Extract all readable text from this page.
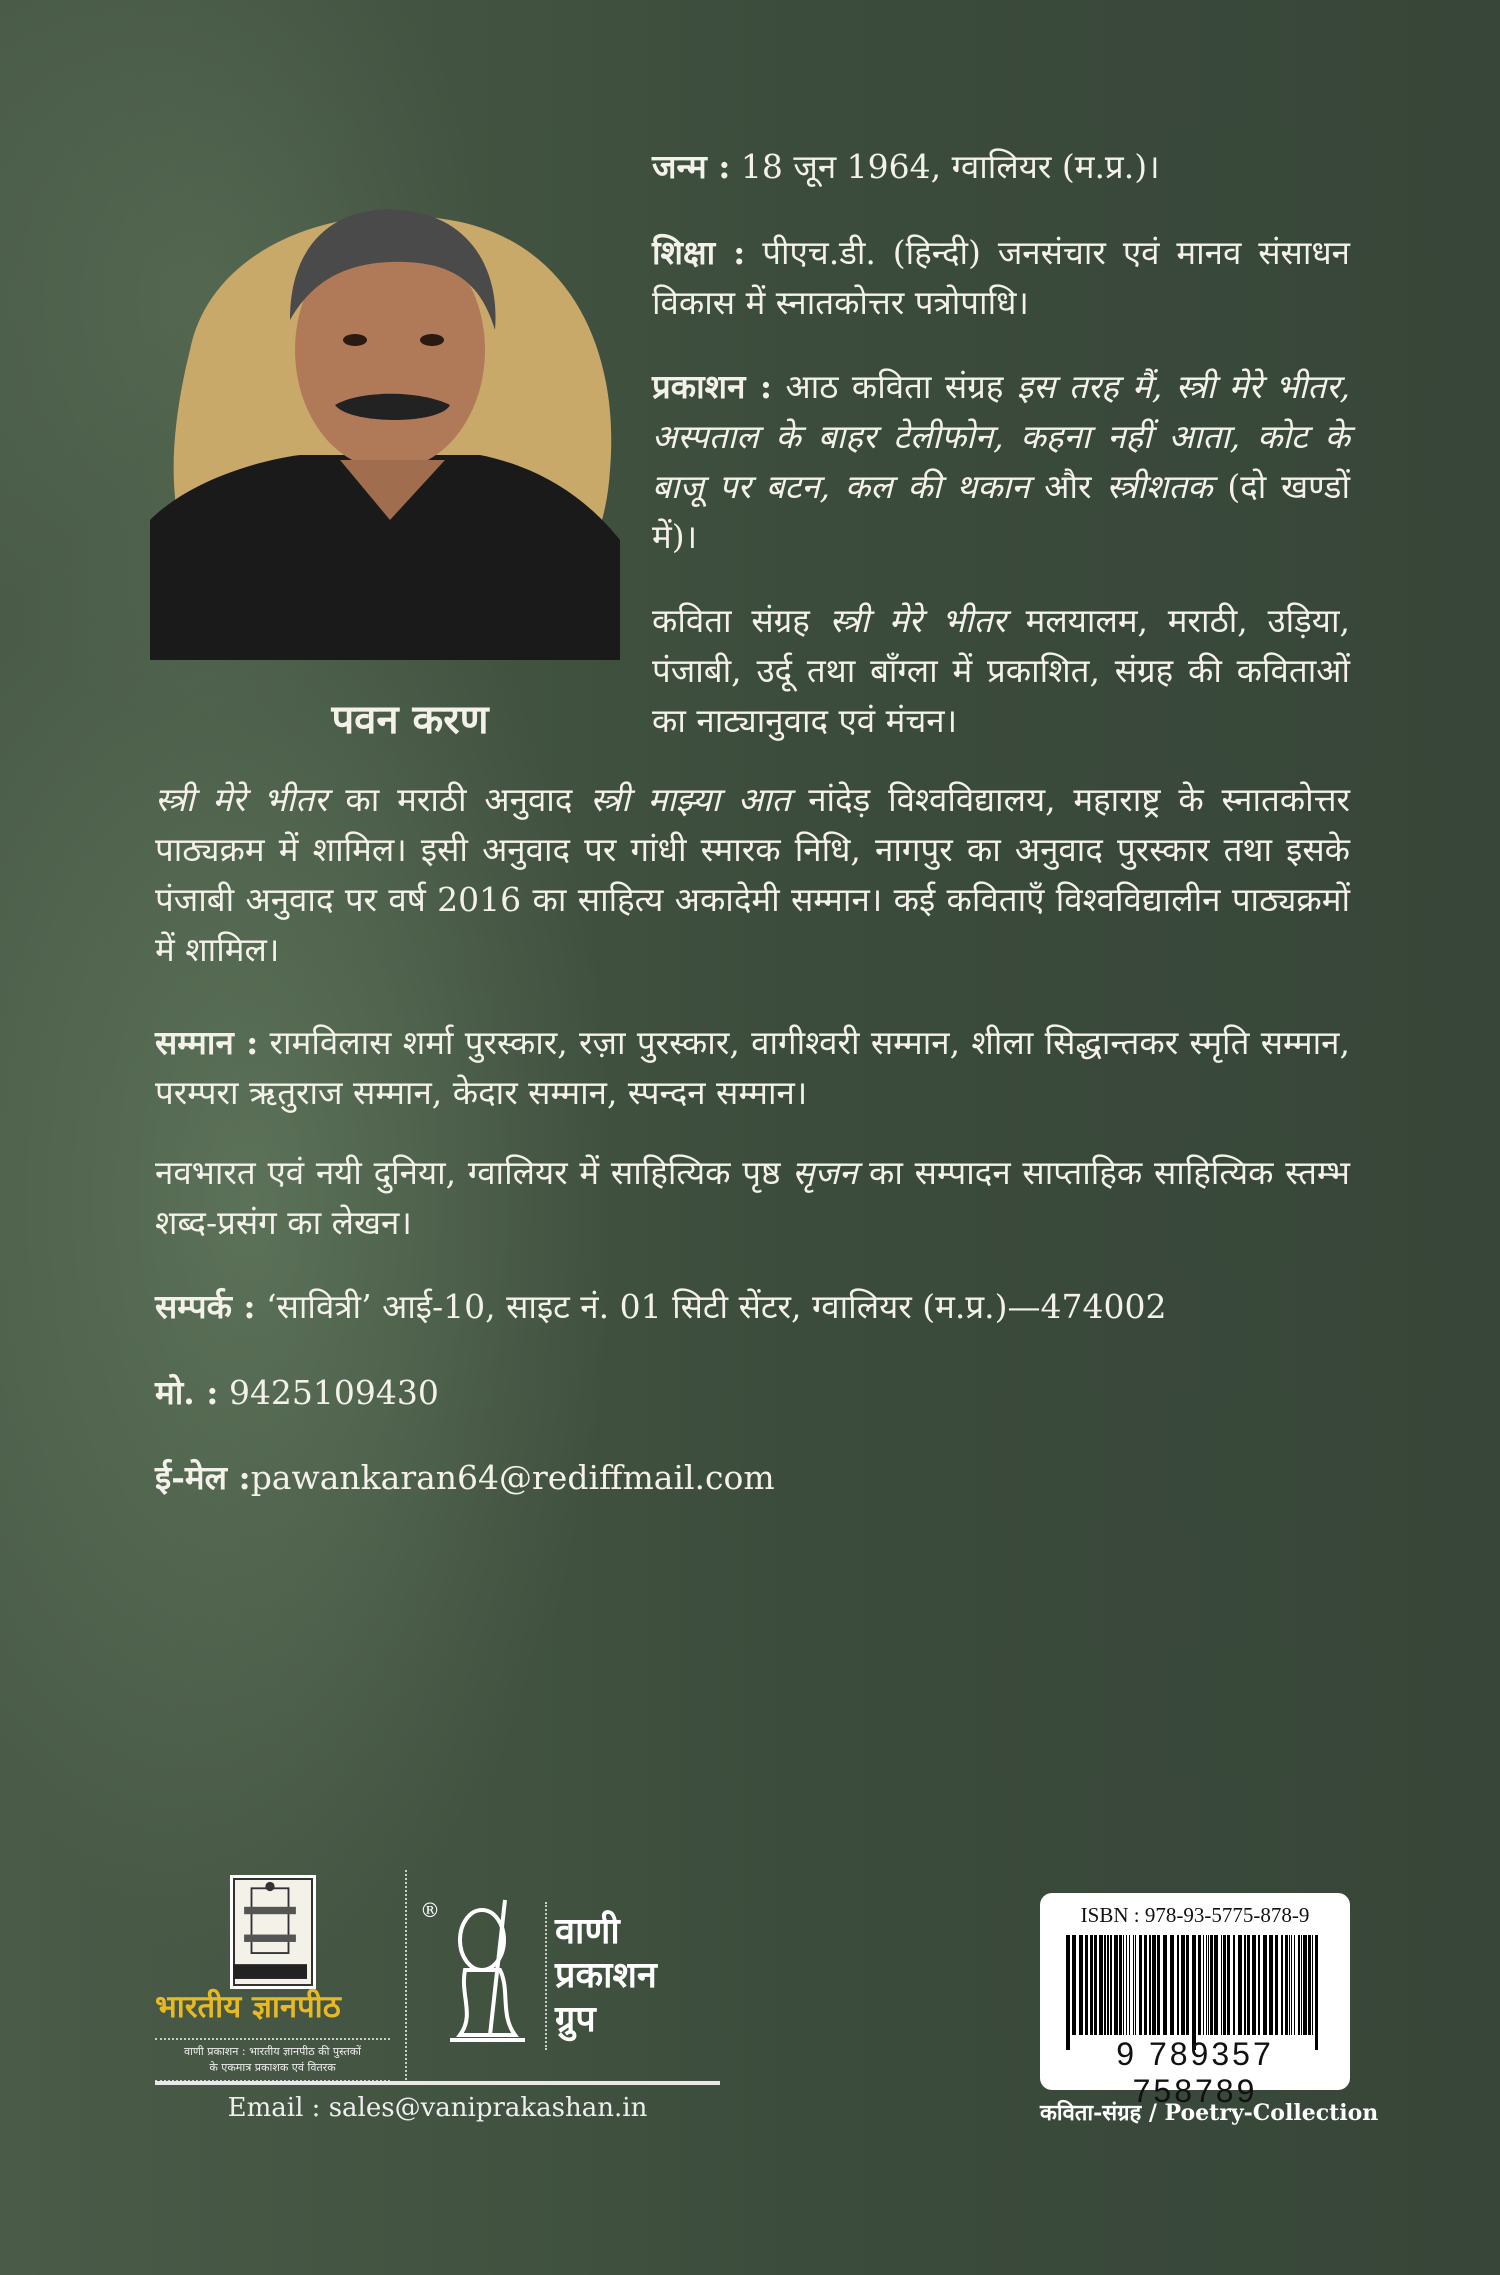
पवन करण
जन्म : 18 जून 1964, ग्वालियर (म.प्र.)।
शिक्षा : पीएच.डी. (हिन्दी) जनसंचार एवं मानव संसाधन विकास में स्नातकोत्तर पत्रोपाधि।
प्रकाशन : आठ कविता संग्रह इस तरह मैं, स्त्री मेरे भीतर, अस्पताल के बाहर टेलीफोन, कहना नहीं आता, कोट के बाजू पर बटन, कल की थकान और स्त्रीशतक (दो खण्डों में)।
कविता संग्रह स्त्री मेरे भीतर मलयालम, मराठी, उड़िया, पंजाबी, उर्दू तथा बाँग्ला में प्रकाशित, संग्रह की कविताओं का नाट्यानुवाद एवं मंचन।
स्त्री मेरे भीतर का मराठी अनुवाद स्त्री माझ्या आत नांदेड़ विश्वविद्यालय, महाराष्ट्र के स्नातकोत्तर पाठ्यक्रम में शामिल। इसी अनुवाद पर गांधी स्मारक निधि, नागपुर का अनुवाद पुरस्कार तथा इसके पंजाबी अनुवाद पर वर्ष 2016 का साहित्य अकादेमी सम्मान। कई कविताएँ विश्वविद्यालीन पाठ्यक्रमों में शामिल।
सम्मान : रामविलास शर्मा पुरस्कार, रज़ा पुरस्कार, वागीश्वरी सम्मान, शीला सिद्धान्तकर स्मृति सम्मान, परम्परा ऋतुराज सम्मान, केदार सम्मान, स्पन्दन सम्मान।
नवभारत एवं नयी दुनिया, ग्वालियर में साहित्यिक पृष्ठ सृजन का सम्पादन साप्ताहिक साहित्यिक स्तम्भ शब्द-प्रसंग का लेखन।
सम्पर्क : ‘सावित्री’ आई-10, साइट नं. 01 सिटी सेंटर, ग्वालियर (म.प्र.)—474002
मो. : 9425109430
ई-मेल :pawankaran64@rediffmail.com
भारतीय ज्ञानपीठ
वाणी प्रकाशन : भारतीय ज्ञानपीठ की पुस्तकों
के एकमात्र प्रकाशक एवं वितरक
®
वाणी
प्रकाशन
ग्रुप
Email : sales@vaniprakashan.in
ISBN : 978-93-5775-878-9
9 789357 758789
कविता-संग्रह / Poetry-Collection
